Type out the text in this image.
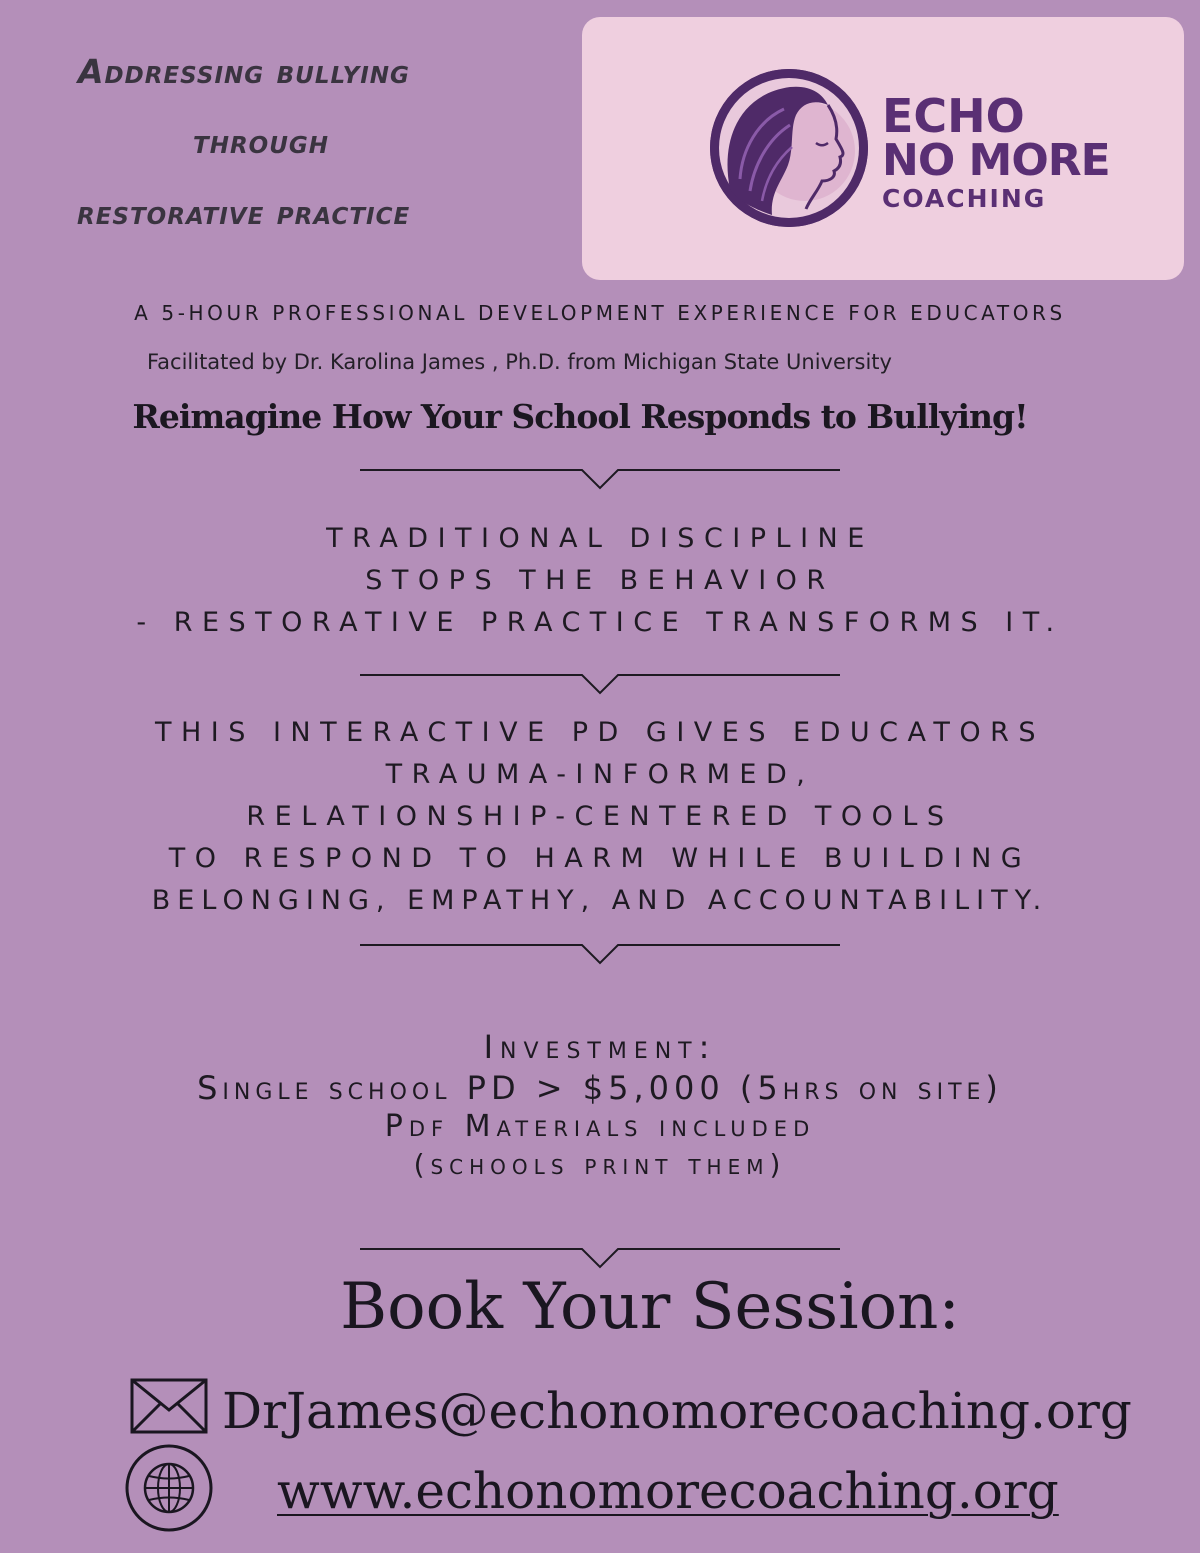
Addressing bullying
through
restorative practice
ECHO
NO MORE
COACHING
A 5-HOUR PROFESSIONAL DEVELOPMENT EXPERIENCE FOR EDUCATORS
Facilitated by Dr. Karolina James , Ph.D. from Michigan State University
Reimagine How Your School Responds to Bullying!
TRADITIONAL DISCIPLINE
STOPS THE BEHAVIOR
- RESTORATIVE PRACTICE TRANSFORMS IT.
THIS INTERACTIVE PD GIVES EDUCATORS
TRAUMA-INFORMED,
RELATIONSHIP-CENTERED TOOLS
TO RESPOND TO HARM WHILE BUILDING
BELONGING, EMPATHY, AND ACCOUNTABILITY.
Investment:
Single school PD > $5,000 (5hrs on site)
Pdf Materials included
(schools print them)
Book Your Session:
DrJames@echonomorecoaching.org
www.echonomorecoaching.org
